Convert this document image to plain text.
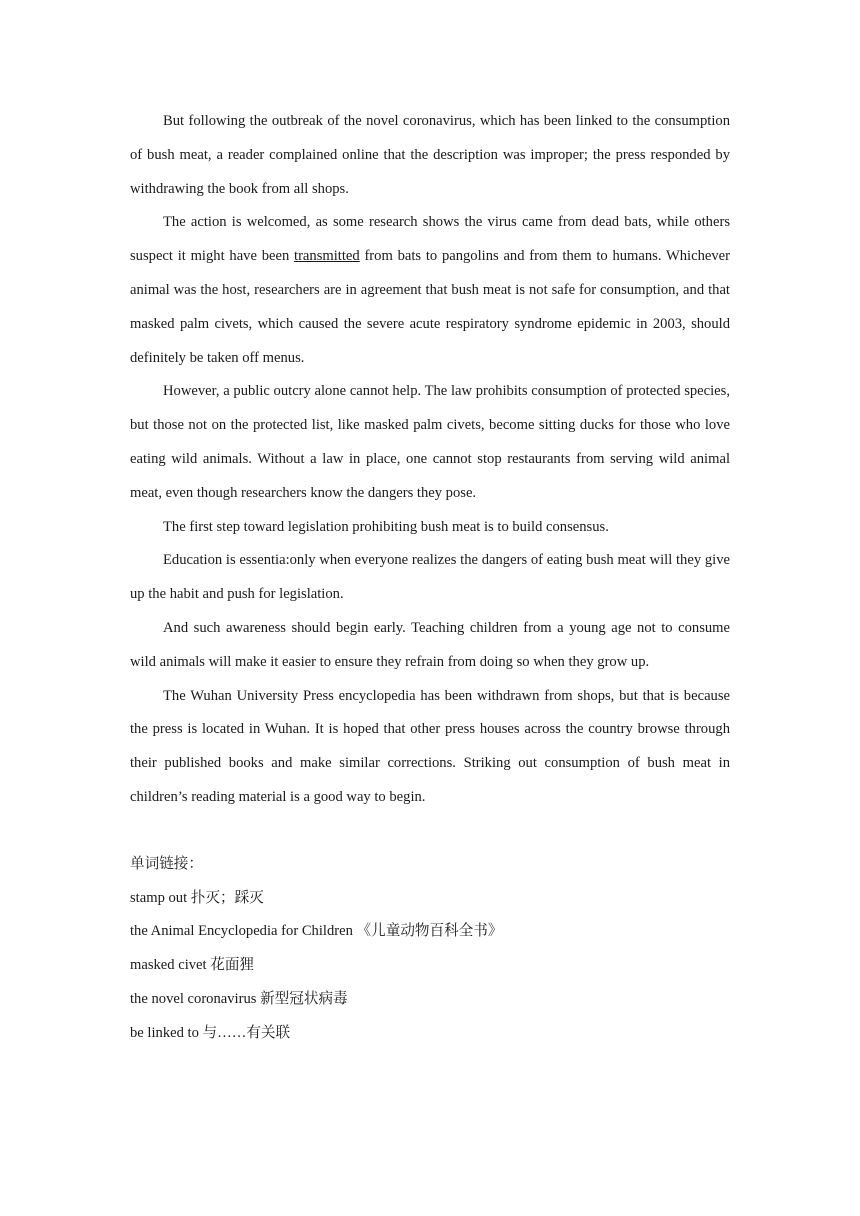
But following the outbreak of the novel coronavirus, which has been linked to the consumption of bush meat, a reader complained online that the description was improper; the press responded by withdrawing the book from all shops.

The action is welcomed, as some research shows the virus came from dead bats, while others suspect it might have been transmitted from bats to pangolins and from them to humans. Whichever animal was the host, researchers are in agreement that bush meat is not safe for consumption, and that masked palm civets, which caused the severe acute respiratory syndrome epidemic in 2003, should definitely be taken off menus.

However, a public outcry alone cannot help. The law prohibits consumption of protected species, but those not on the protected list, like masked palm civets, become sitting ducks for those who love eating wild animals. Without a law in place, one cannot stop restaurants from serving wild animal meat, even though researchers know the dangers they pose.

The first step toward legislation prohibiting bush meat is to build consensus.

Education is essentia:only when everyone realizes the dangers of eating bush meat will they give up the habit and push for legislation.

And such awareness should begin early. Teaching children from a young age not to consume wild animals will make it easier to ensure they refrain from doing so when they grow up.

The Wuhan University Press encyclopedia has been withdrawn from shops, but that is because the press is located in Wuhan. It is hoped that other press houses across the country browse through their published books and make similar corrections. Striking out consumption of bush meat in children’s reading material is a good way to begin.

单词链接：

stamp out 扑灭；踩灭

the Animal Encyclopedia for Children 《儿童动物百科全书》

masked civet 花面狸

the novel coronavirus 新型冠状病毒

be linked to 与……有关联
